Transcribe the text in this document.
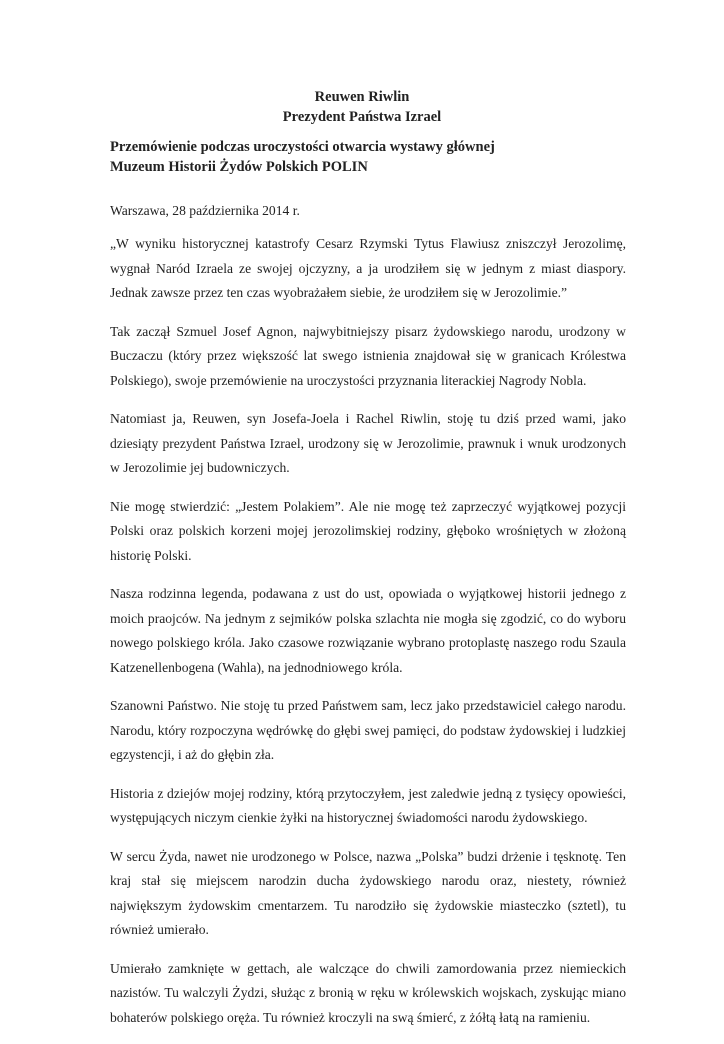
Reuwen Riwlin
Prezydent Państwa Izrael
Przemówienie podczas uroczystości otwarcia wystawy głównej
Muzeum Historii Żydów Polskich POLIN
Warszawa, 28 października 2014 r.

„W wyniku historycznej katastrofy Cesarz Rzymski Tytus Flawiusz zniszczył Jerozolimę, wygnał Naród Izraela ze swojej ojczyzny, a ja urodziłem się w jednym z miast diaspory. Jednak zawsze przez ten czas wyobrażałem siebie, że urodziłem się w Jerozolimie.”

Tak zaczął Szmuel Josef Agnon, najwybitniejszy pisarz żydowskiego narodu, urodzony w Buczaczu (który przez większość lat swego istnienia znajdował się w granicach Królestwa Polskiego), swoje przemówienie na uroczystości przyznania literackiej Nagrody Nobla.

Natomiast ja, Reuwen, syn Josefa-Joela i Rachel Riwlin, stoję tu dziś przed wami, jako dziesiąty prezydent Państwa Izrael, urodzony się w Jerozolimie, prawnuk i wnuk urodzonych w Jerozolimie jej budowniczych.

Nie mogę stwierdzić: „Jestem Polakiem”. Ale nie mogę też zaprzeczyć wyjątkowej pozycji Polski oraz polskich korzeni mojej jerozolimskiej rodziny, głęboko wrośniętych w złożoną historię Polski.

Nasza rodzinna legenda, podawana z ust do ust, opowiada o wyjątkowej historii jednego z moich praojców. Na jednym z sejmików polska szlachta nie mogła się zgodzić, co do wyboru nowego polskiego króla. Jako czasowe rozwiązanie wybrano protoplastę naszego rodu Szaula Katzenellenbogena (Wahla), na jednodniowego króla.

Szanowni Państwo. Nie stoję tu przed Państwem sam, lecz jako przedstawiciel całego narodu. Narodu, który rozpoczyna wędrówkę do głębi swej pamięci, do podstaw żydowskiej i ludzkiej egzystencji, i aż do głębin zła.

Historia z dziejów mojej rodziny, którą przytoczyłem, jest zaledwie jedną z tysięcy opowieści, występujących niczym cienkie żyłki na historycznej świadomości narodu żydowskiego.

W sercu Żyda, nawet nie urodzonego w Polsce, nazwa „Polska” budzi drżenie i tęsknotę. Ten kraj stał się miejscem narodzin ducha żydowskiego narodu oraz, niestety, również największym żydowskim cmentarzem. Tu narodziło się żydowskie miasteczko (sztetl), tu również umierało.

Umierało zamknięte w gettach, ale walczące do chwili zamordowania przez niemieckich nazistów. Tu walczyli Żydzi, służąc z bronią w ręku w królewskich wojskach, zyskując miano bohaterów polskiego oręża. Tu również kroczyli na swą śmierć, z żółtą łatą na ramieniu.
